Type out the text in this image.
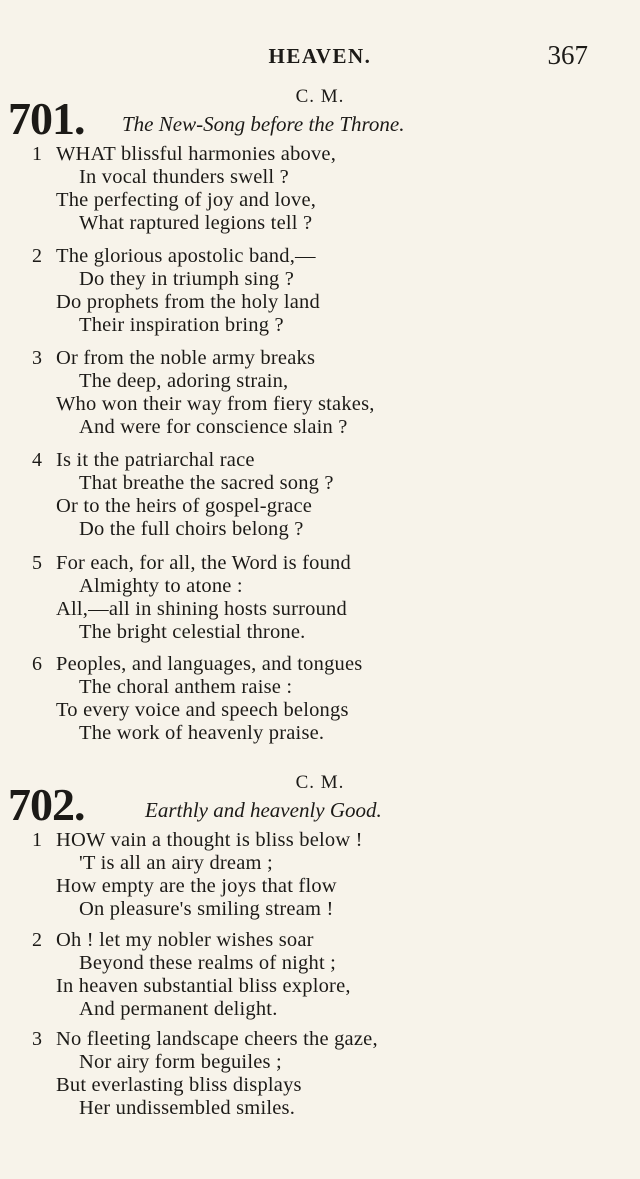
HEAVEN.	367
C. M.
701. The New-Song before the Throne.
1 WHAT blissful harmonies above,
In vocal thunders swell ?
The perfecting of joy and love,
What raptured legions tell ?
2 The glorious apostolic band,—
Do they in triumph sing ?
Do prophets from the holy land
Their inspiration bring ?
3 Or from the noble army breaks
The deep, adoring strain,
Who won their way from fiery stakes,
And were for conscience slain ?
4 Is it the patriarchal race
That breathe the sacred song ?
Or to the heirs of gospel-grace
Do the full choirs belong ?
5 For each, for all, the Word is found
Almighty to atone :
All,—all in shining hosts surround
The bright celestial throne.
6 Peoples, and languages, and tongues
The choral anthem raise :
To every voice and speech belongs
The work of heavenly praise.
C. M.
702.	Earthly and heavenly Good.
1 HOW vain a thought is bliss below !
'T is all an airy dream ;
How empty are the joys that flow
On pleasure's smiling stream !
2 Oh ! let my nobler wishes soar
Beyond these realms of night ;
In heaven substantial bliss explore,
And permanent delight.
3 No fleeting landscape cheers the gaze,
Nor airy form beguiles ;
But everlasting bliss displays
Her undissembled smiles.
